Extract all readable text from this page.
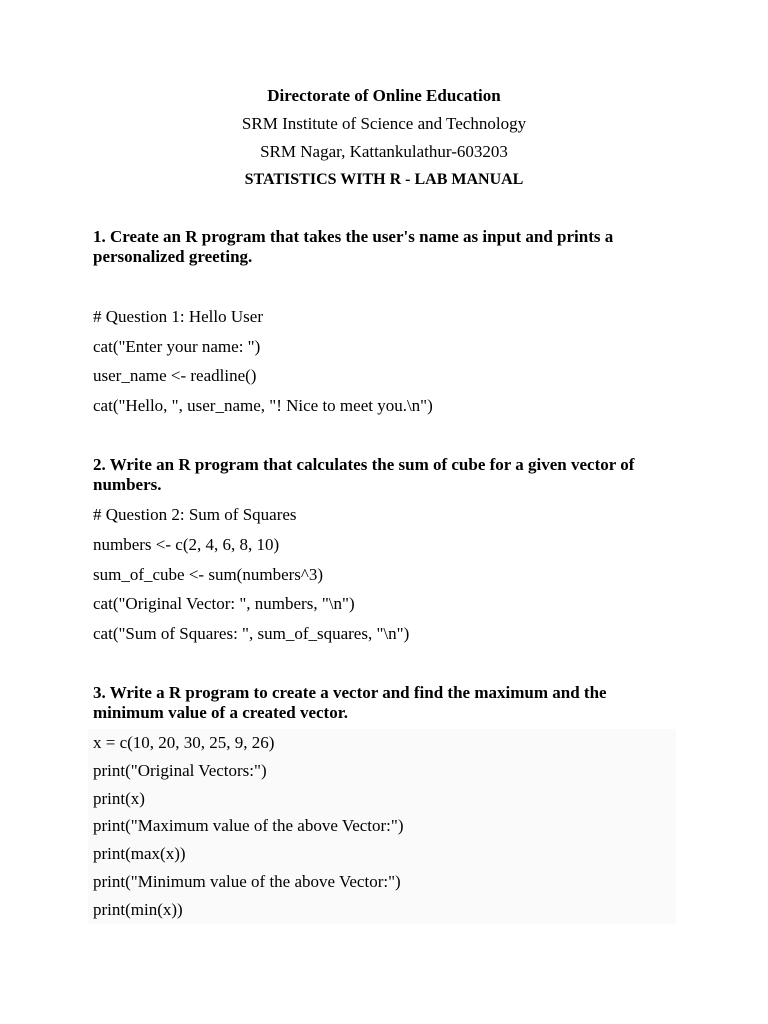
Directorate of Online Education
SRM Institute of Science and Technology
SRM Nagar, Kattankulathur-603203
STATISTICS WITH R - LAB MANUAL
1. Create an R program that takes the user's name as input and prints a personalized greeting.
# Question 1: Hello User
cat("Enter your name: ")
user_name <- readline()
cat("Hello, ", user_name, "! Nice to meet you.\n")
2. Write an R program that calculates the sum of cube for a given vector of numbers.
# Question 2: Sum of Squares
numbers <- c(2, 4, 6, 8, 10)
sum_of_cube <- sum(numbers^3)
cat("Original Vector: ", numbers, "\n")
cat("Sum of Squares: ", sum_of_squares, "\n")
3. Write a R program to create a vector and find the maximum and the minimum value of a created vector.
x = c(10, 20, 30, 25, 9, 26)
print("Original Vectors:")
print(x)
print("Maximum value of the above Vector:")
print(max(x))
print("Minimum value of the above Vector:")
print(min(x))
